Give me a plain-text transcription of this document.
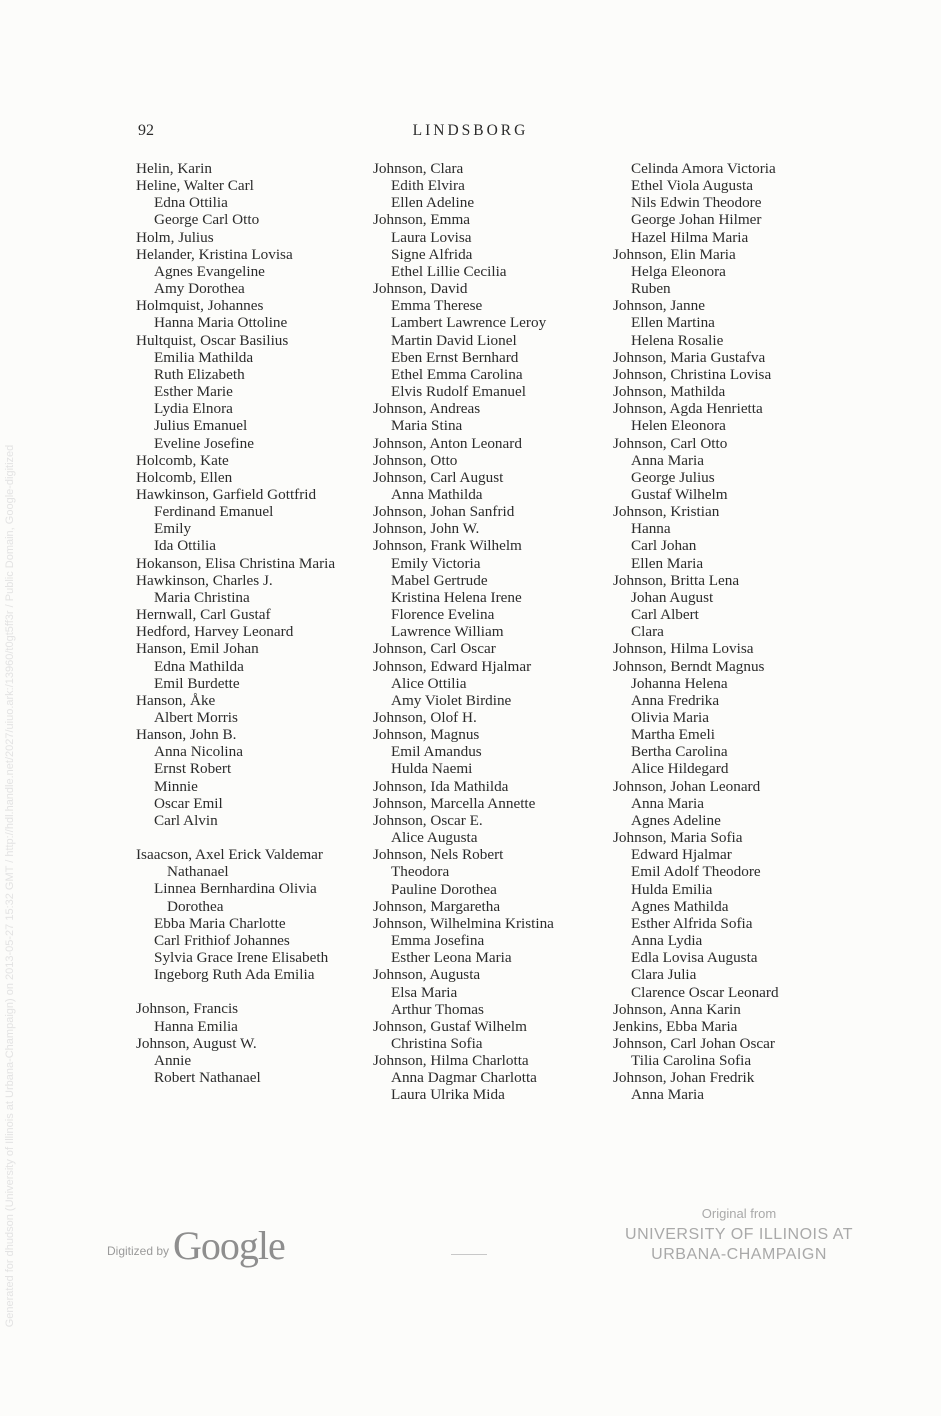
92	LINDSBORG
Helin, Karin
Heline, Walter Carl
Edna Ottilia
George Carl Otto
Holm, Julius
Helander, Kristina Lovisa
Agnes Evangeline
Amy Dorothea
Holmquist, Johannes
Hanna Maria Ottoline
Hultquist, Oscar Basilius
Emilia Mathilda
Ruth Elizabeth
Esther Marie
Lydia Elnora
Julius Emanuel
Eveline Josefine
Holcomb, Kate
Holcomb, Ellen
Hawkinson, Garfield Gottfrid
Ferdinand Emanuel
Emily
Ida Ottilia
Hokanson, Elisa Christina Maria
Hawkinson, Charles J.
Maria Christina
Hernwall, Carl Gustaf
Hedford, Harvey Leonard
Hanson, Emil Johan
Edna Mathilda
Emil Burdette
Hanson, Åke
Albert Morris
Hanson, John B.
Anna Nicolina
Ernst Robert
Minnie
Oscar Emil
Carl Alvin
Isaacson, Axel Erick Valdemar
Nathanael
Linnea Bernhardina Olivia
Dorothea
Ebba Maria Charlotte
Carl Frithiof Johannes
Sylvia Grace Irene Elisabeth
Ingeborg Ruth Ada Emilia
Johnson, Francis
Hanna Emilia
Johnson, August W.
Annie
Robert Nathanael
Johnson, Clara
Edith Elvira
Ellen Adeline
Johnson, Emma
Laura Lovisa
Signe Alfrida
Ethel Lillie Cecilia
Johnson, David
Emma Therese
Lambert Lawrence Leroy
Martin David Lionel
Eben Ernst Bernhard
Ethel Emma Carolina
Elvis Rudolf Emanuel
Johnson, Andreas
Maria Stina
Johnson, Anton Leonard
Johnson, Otto
Johnson, Carl August
Anna Mathilda
Johnson, Johan Sanfrid
Johnson, John W.
Johnson, Frank Wilhelm
Emily Victoria
Mabel Gertrude
Kristina Helena Irene
Florence Evelina
Lawrence William
Johnson, Carl Oscar
Johnson, Edward Hjalmar
Alice Ottilia
Amy Violet Birdine
Johnson, Olof H.
Johnson, Magnus
Emil Amandus
Hulda Naemi
Johnson, Ida Mathilda
Johnson, Marcella Annette
Johnson, Oscar E.
Alice Augusta
Johnson, Nels Robert
Theodora
Pauline Dorothea
Johnson, Margaretha
Johnson, Wilhelmina Kristina
Emma Josefina
Esther Leona Maria
Johnson, Augusta
Elsa Maria
Arthur Thomas
Johnson, Gustaf Wilhelm
Christina Sofia
Johnson, Hilma Charlotta
Anna Dagmar Charlotta
Laura Ulrika Mida
Celinda Amora Victoria
Ethel Viola Augusta
Nils Edwin Theodore
George Johan Hilmer
Hazel Hilma Maria
Johnson, Elin Maria
Helga Eleonora
Ruben
Johnson, Janne
Ellen Martina
Helena Rosalie
Johnson, Maria Gustafva
Johnson, Christina Lovisa
Johnson, Mathilda
Johnson, Agda Henrietta
Helen Eleonora
Johnson, Carl Otto
Anna Maria
George Julius
Gustaf Wilhelm
Johnson, Kristian
Hanna
Carl Johan
Ellen Maria
Johnson, Britta Lena
Johan August
Carl Albert
Clara
Johnson, Hilma Lovisa
Johnson, Berndt Magnus
Johanna Helena
Anna Fredrika
Olivia Maria
Martha Emeli
Bertha Carolina
Alice Hildegard
Johnson, Johan Leonard
Anna Maria
Agnes Adeline
Johnson, Maria Sofia
Edward Hjalmar
Emil Adolf Theodore
Hulda Emilia
Agnes Mathilda
Esther Alfrida Sofia
Anna Lydia
Edla Lovisa Augusta
Clara Julia
Clarence Oscar Leonard
Johnson, Anna Karin
Jenkins, Ebba Maria
Johnson, Carl Johan Oscar
Tilia Carolina Sofia
Johnson, Johan Fredrik
Anna Maria
Generated for dhudson (University of Illinois at Urbana-Champaign) on 2013-05-27 15:32 GMT / http://hdl.handle.net/2027/uiuo.ark:/13960/t0gt5ff3r / Public Domain, Google-digitized	$^{Digitized by}$ Google
Original from
UNIVERSITY OF ILLINOIS AT
URBANA-CHAMPAIGN
